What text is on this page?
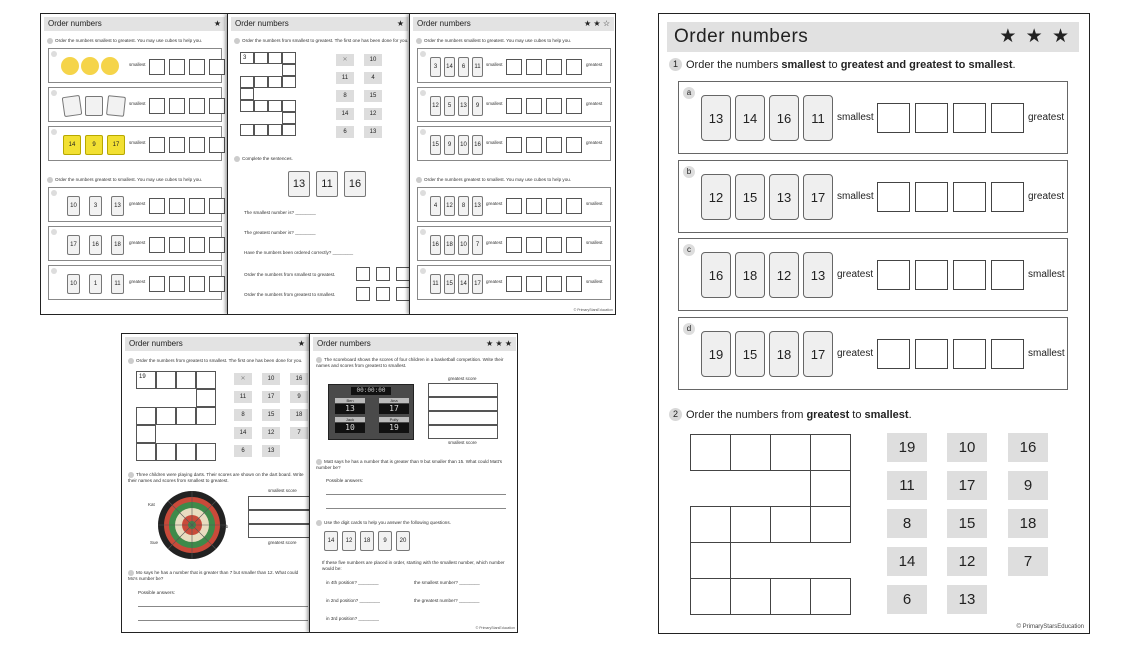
Order numbers	★
Order the numbers smallest to greatest. You may use cubes to help you.
smallest
smallest
14	9	17	smallest
Order the numbers greatest to smallest. You may use cubes to help you.
10	3	13	greatest
17	16	18	greatest
10	1	11	greatest
Order numbers	★
Order the numbers from smallest to greatest. The first one has been done for you.
3	✕	10
11	4
8	15
14	12
6	13
Complete the sentences.
13	11	16
The smallest number is? ________
The greatest number is? ________
Have the numbers been ordered correctly? ________
Order the numbers from smallest to greatest.
Order the numbers from greatest to smallest.
Order numbers	★ ★ ☆
Order the numbers smallest to greatest. You may use cubes to help you.
3	14	6	11	smallest	greatest
12	5	13	9	smallest	greatest
15	9	10	16	smallest	greatest
Order the numbers greatest to smallest. You may use cubes to help you.
4	12	8	13	greatest	smallest
16	18	10	7	greatest	smallest
11	15	14	17	greatest	smallest
© PrimaryStarsEducation
Order numbers	★
Order the numbers from greatest to smallest. The first one has been done for you.
19	✕	10	16
11	17	9
8	15	18
14	12	7
6	13
Three children were playing darts. Their scores are shown on the dart board. Write their names and scores from smallest to greatest.
Kat
Rob
Sue
smallest score
greatest score
Mo says he has a number that is greater than 7 but smaller than 12. What could Mo's number be?
Possible answers:
Order numbers	★ ★ ★
The scoreboard shows the scores of four children in a basketball competition. Write their names and scores from greatest to smallest.
00:00:00
Ben	Ana
13	17
Jack	Polly
10	19
greatest score
smallest score
Matt says he has a number that is greater than 9 but smaller than 15. What could Matt's number be?
Possible answers:
Use the digit cards to help you answer the following questions.
14	12	18	9	20
If these five numbers are placed in order, starting with the smallest number, which number would be:
in 4th position? ________	the smallest number? ________
in 2nd position? ________	the greatest number? ________
in 3rd position? ________
© PrimaryStarsEducation
Order numbers	★ ★ ★
1 Order the numbers smallest to greatest and greatest to smallest.
a
13	14	16	11	smallest	greatest
b
12	15	13	17	smallest	greatest
c
16	18	12	13	greatest	smallest
d
19	15	18	17	greatest	smallest
2 Order the numbers from greatest to smallest.
19	10	16
11	17	9
8	15	18
14	12	7
6	13
© PrimaryStarsEducation
